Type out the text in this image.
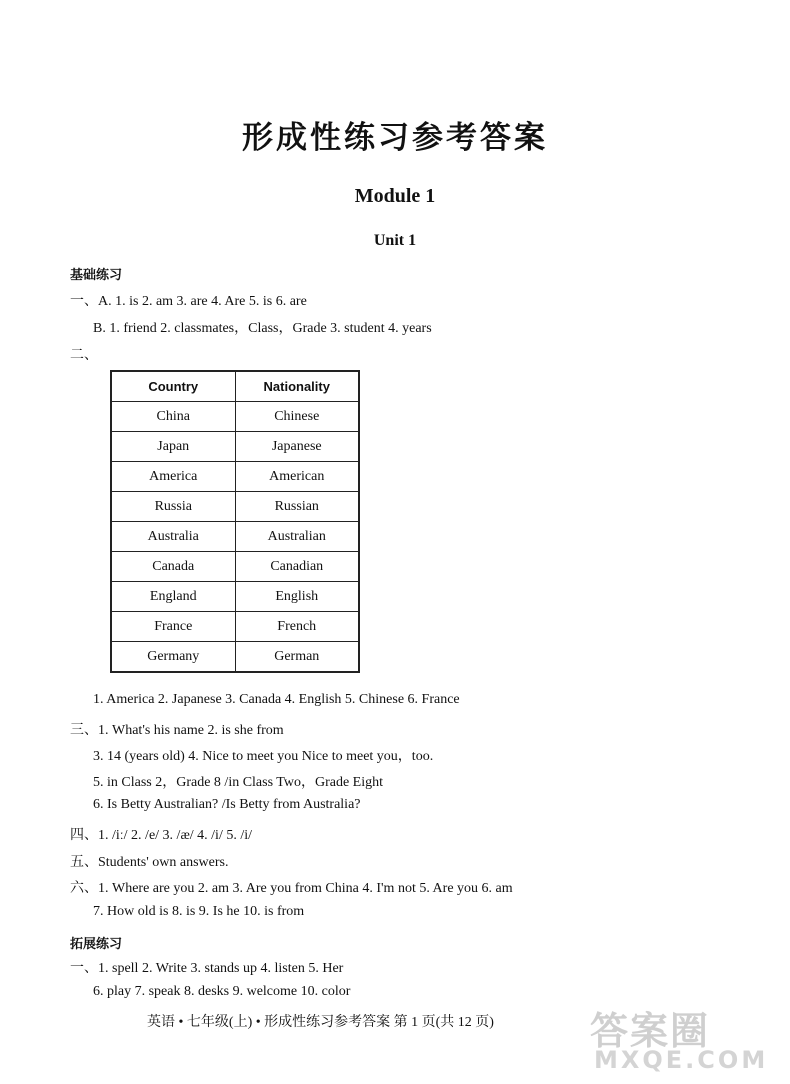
形成性练习参考答案
Module 1
Unit 1
基础练习
一、A. 1. is 2. am 3. are 4. Are 5. is 6. are
B. 1. friend 2. classmates，Class，Grade 3. student 4. years
二、
Country	Nationality
China	Chinese
Japan	Japanese
America	American
Russia	Russian
Australia	Australian
Canada	Canadian
England	English
France	French
Germany	German
1. America 2. Japanese 3. Canada 4. English 5. Chinese 6. France
三、1. What's his name 2. is she from
3. 14 (years old) 4. Nice to meet you Nice to meet you，too.
5. in Class 2，Grade 8 /in Class Two，Grade Eight
6. Is Betty Australian? /Is Betty from Australia?
四、1. /iː/ 2. /e/ 3. /æ/ 4. /i/ 5. /i/
五、Students' own answers.
六、1. Where are you 2. am 3. Are you from China 4. I'm not 5. Are you 6. am
7. How old is 8. is 9. Is he 10. is from
拓展练习
一、1. spell 2. Write 3. stands up 4. listen 5. Her
6. play 7. speak 8. desks 9. welcome 10. color
英语 • 七年级(上) • 形成性练习参考答案 第 1 页(共 12 页)	答案圈
MXQE.COM
